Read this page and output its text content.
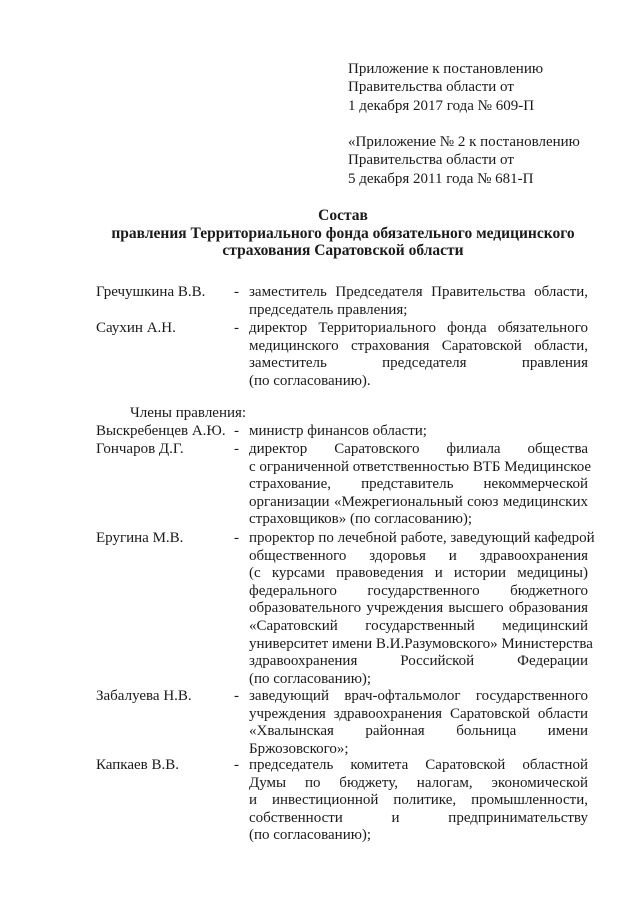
Приложение к постановлению
Правительства области от
1 декабря 2017 года № 609-П
«Приложение № 2 к постановлению
Правительства области от
5 декабря 2011 года № 681-П
Состав
правления Территориального фонда обязательного медицинского
страхования Саратовской области
Гречушкина В.В. - заместитель Председателя Правительства области,
председатель правления;
Саухин А.Н.	- директор Территориального фонда обязательного
медицинского страхования Саратовской области,
заместитель председателя правления
(по согласованию).
Члены правления:
Выскребенцев А.Ю. - министр финансов области;
Гончаров Д.Г.	- директор Саратовского филиала общества
с ограниченной ответственностью ВТБ Медицинское
страхование, представитель некоммерческой
организации «Межрегиональный союз медицинских
страховщиков» (по согласованию);
Еругина М.В.	- проректор по лечебной работе, заведующий кафедрой
общественного здоровья и здравоохранения
(с курсами правоведения и истории медицины)
федерального государственного бюджетного
образовательного учреждения высшего образования
«Саратовский государственный медицинский
университет имени В.И.Разумовского» Министерства
здравоохранения Российской Федерации
(по согласованию);
Забалуева Н.В.	- заведующий врач-офтальмолог государственного
учреждения здравоохранения Саратовской области
«Хвалынская районная больница имени
Бржозовского»;
Капкаев В.В.	- председатель комитета Саратовской областной
Думы по бюджету, налогам, экономической
и инвестиционной политике, промышленности,
собственности и предпринимательству
(по согласованию);
